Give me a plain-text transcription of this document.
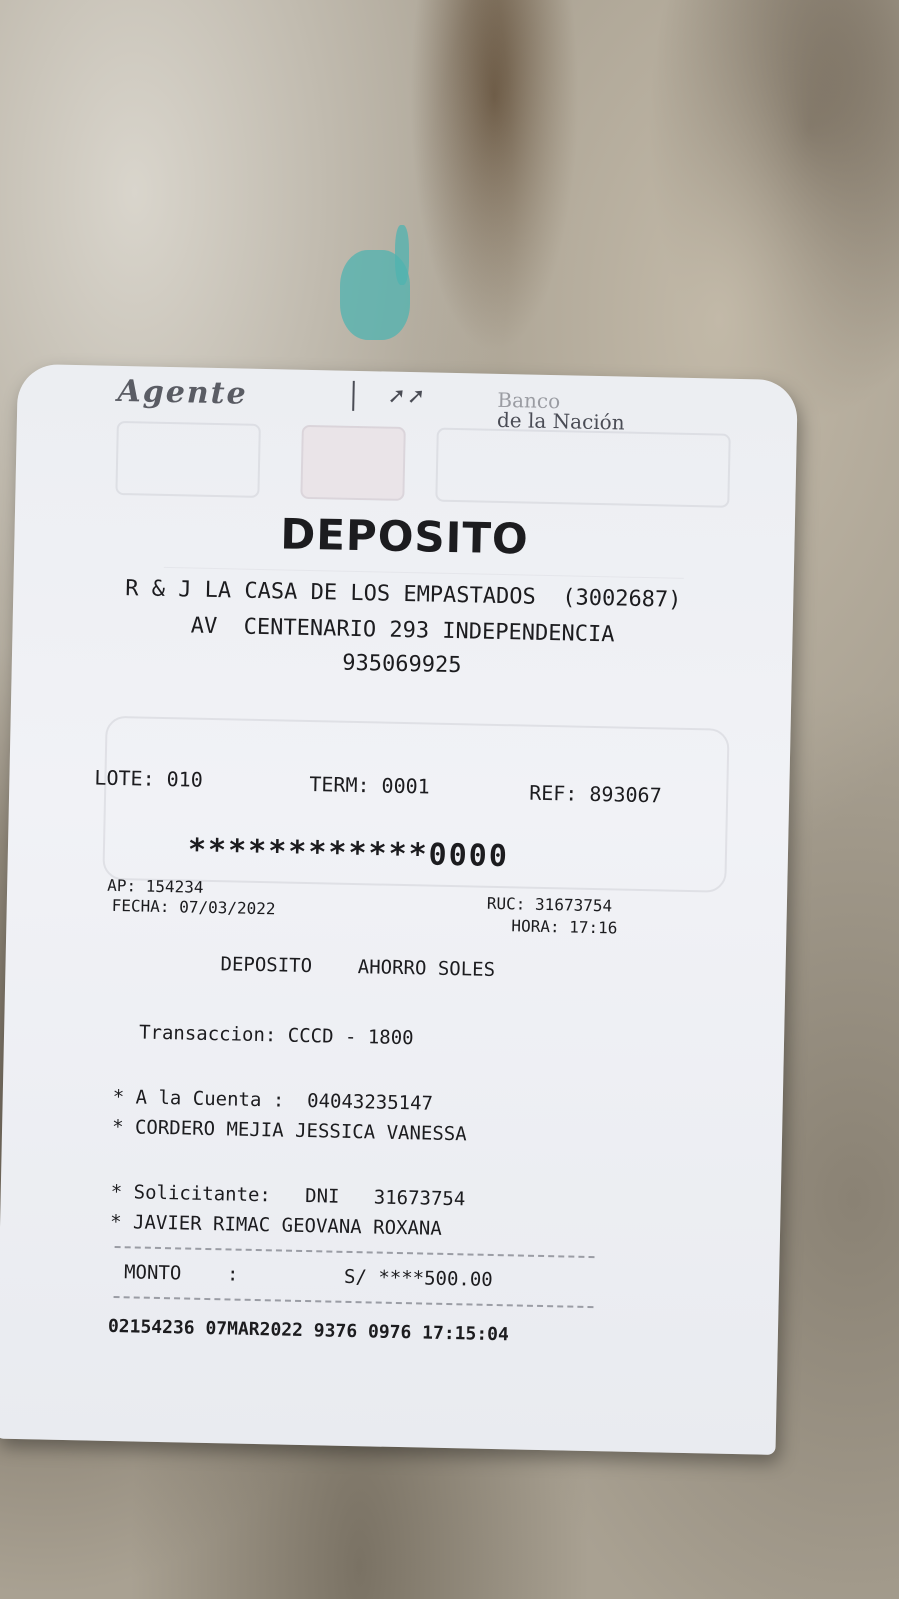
Agente	➚➚	Banco
de la Nación
DEPOSITO
R & J LA CASA DE LOS EMPASTADOS  (3002687)
AV  CENTENARIO 293 INDEPENDENCIA
935069925
LOTE: 010	TERM: 0001	REF: 893067
************0000
AP: 154234
FECHA: 07/03/2022	RUC: 31673754
HORA: 17:16
DEPOSITO    AHORRO SOLES
Transaccion: CCCD - 1800
* A la Cuenta :  04043235147
* CORDERO MEJIA JESSICA VANESSA
* Solicitante:   DNI   31673754
* JAVIER RIMAC GEOVANA ROXANA
MONTO    :	S/ ****500.00
02154236 07MAR2022 9376 0976 17:15:04
